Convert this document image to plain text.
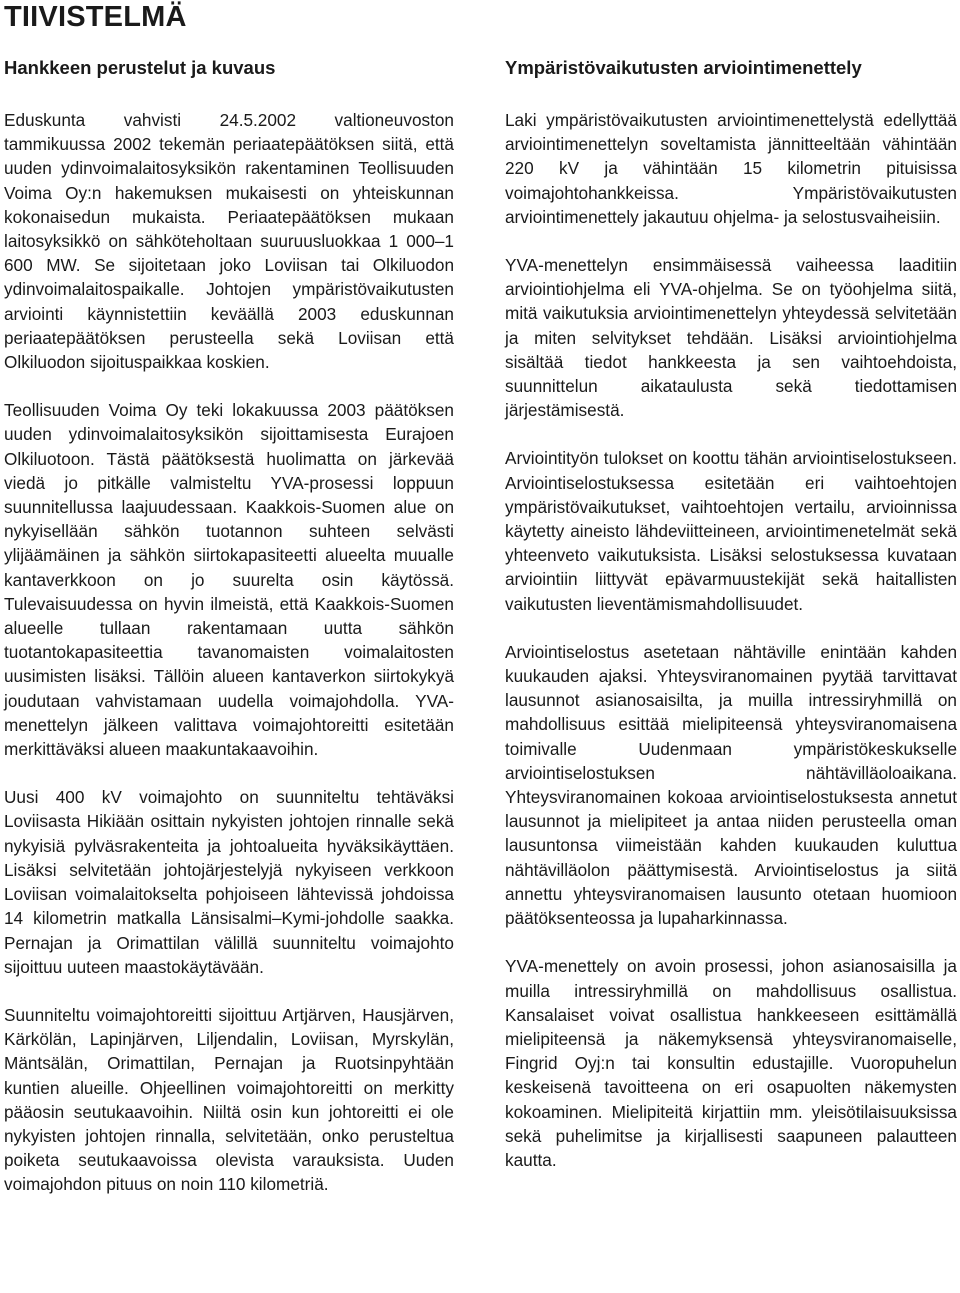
TIIVISTELMÄ
Hankkeen perustelut ja kuvaus

Eduskunta vahvisti 24.5.2002 valtioneuvoston tammikuussa 2002 tekemän periaatepäätöksen siitä, että uuden ydinvoimalaitosyksikön rakentaminen Teollisuuden Voima Oy:n hakemuksen mukaisesti on yhteiskunnan kokonaisedun mukaista. Periaatepäätöksen mukaan laitosyksikkö on sähköteholtaan suuruusluokkaa 1 000–1 600 MW. Se sijoitetaan joko Loviisan tai Olkiluodon ydinvoimalaitospaikalle. Johtojen ympäristövaikutusten arviointi käynnistettiin keväällä 2003 eduskunnan periaatepäätöksen perusteella sekä Loviisan että Olkiluodon sijoituspaikkaa koskien.

Teollisuuden Voima Oy teki lokakuussa 2003 päätöksen uuden ydinvoimalaitosyksikön sijoittamisesta Eurajoen Olkiluotoon. Tästä päätöksestä huolimatta on järkevää viedä jo pitkälle valmisteltu YVA-prosessi loppuun suunnitellussa laajuudessaan. Kaakkois-Suomen alue on nykyisellään sähkön tuotannon suhteen selvästi ylijäämäinen ja sähkön siirtokapasiteetti alueelta muualle kantaverkkoon on jo suurelta osin käytössä. Tulevaisuudessa on hyvin ilmeistä, että Kaakkois-Suomen alueelle tullaan rakentamaan uutta sähkön tuotantokapasiteettia tavanomaisten voimalaitosten uusimisten lisäksi. Tällöin alueen kantaverkon siirtokykyä joudutaan vahvistamaan uudella voimajohdolla. YVA-menettelyn jälkeen valittava voimajohtoreitti esitetään merkittäväksi alueen maakuntakaavoihin.

Uusi 400 kV voimajohto on suunniteltu tehtäväksi Loviisasta Hikiään osittain nykyisten johtojen rinnalle sekä nykyisiä pylväsrakenteita ja johtoalueita hyväksikäyttäen. Lisäksi selvitetään johtojärjestelyjä nykyiseen verkkoon Loviisan voimalaitokselta pohjoiseen lähtevissä johdoissa 14 kilometrin matkalla Länsisalmi–Kymi-johdolle saakka. Pernajan ja Orimattilan välillä suunniteltu voimajohto sijoittuu uuteen maastokäytävään.

Suunniteltu voimajohtoreitti sijoittuu Artjärven, Hausjärven, Kärkölän, Lapinjärven, Liljendalin, Loviisan, Myrskylän, Mäntsälän, Orimattilan, Pernajan ja Ruotsinpyhtään kuntien alueille. Ohjeellinen voimajohtoreitti on merkitty pääosin seutukaavoihin. Niiltä osin kun johtoreitti ei ole nykyisten johtojen rinnalla, selvitetään, onko perusteltua poiketa seutukaavoissa olevista varauksista. Uuden voimajohdon pituus on noin 110 kilometriä.

Ympäristövaikutusten arviointimenettely

Laki ympäristövaikutusten arviointimenettelystä edellyttää arviointimenettelyn soveltamista jännitteeltään vähintään 220 kV ja vähintään 15 kilometrin pituisissa voimajohtohankkeissa. Ympäristövaikutusten arviointimenettely jakautuu ohjelma- ja selostusvaiheisiin.

YVA-menettelyn ensimmäisessä vaiheessa laaditiin arviointiohjelma eli YVA-ohjelma. Se on työohjelma siitä, mitä vaikutuksia arviointimenettelyn yhteydessä selvitetään ja miten selvitykset tehdään. Lisäksi arviointiohjelma sisältää tiedot hankkeesta ja sen vaihtoehdoista, suunnittelun aikataulusta sekä tiedottamisen järjestämisestä.

Arviointityön tulokset on koottu tähän arviointiselostukseen. Arviointiselostuksessa esitetään eri vaihtoehtojen ympäristövaikutukset, vaihtoehtojen vertailu, arvioinnissa käytetty aineisto lähdeviitteineen, arviointimenetelmät sekä yhteenveto vaikutuksista. Lisäksi selostuksessa kuvataan arviointiin liittyvät epävarmuustekijät sekä haitallisten vaikutusten lieventämismahdollisuudet.

Arviointiselostus asetetaan nähtäville enintään kahden kuukauden ajaksi. Yhteysviranomainen pyytää tarvittavat lausunnot asianosaisilta, ja muilla intressiryhmillä on mahdollisuus esittää mielipiteensä yhteysviranomaisena toimivalle Uudenmaan ympäristökeskukselle arviointiselostuksen nähtävilläoloaikana. Yhteysviranomainen kokoaa arviointiselostuksesta annetut lausunnot ja mielipiteet ja antaa niiden perusteella oman lausuntonsa viimeistään kahden kuukauden kuluttua nähtävilläolon päättymisestä. Arviointiselostus ja siitä annettu yhteysviranomaisen lausunto otetaan huomioon päätöksenteossa ja lupaharkinnassa.

YVA-menettely on avoin prosessi, johon asianosaisilla ja muilla intressiryhmillä on mahdollisuus osallistua. Kansalaiset voivat osallistua hankkeeseen esittämällä mielipiteensä ja näkemyksensä yhteysviranomaiselle, Fingrid Oyj:n tai konsultin edustajille. Vuoropuhelun keskeisenä tavoitteena on eri osapuolten näkemysten kokoaminen. Mielipiteitä kirjattiin mm. yleisötilaisuuksissa sekä puhelimitse ja kirjallisesti saapuneen palautteen kautta.
